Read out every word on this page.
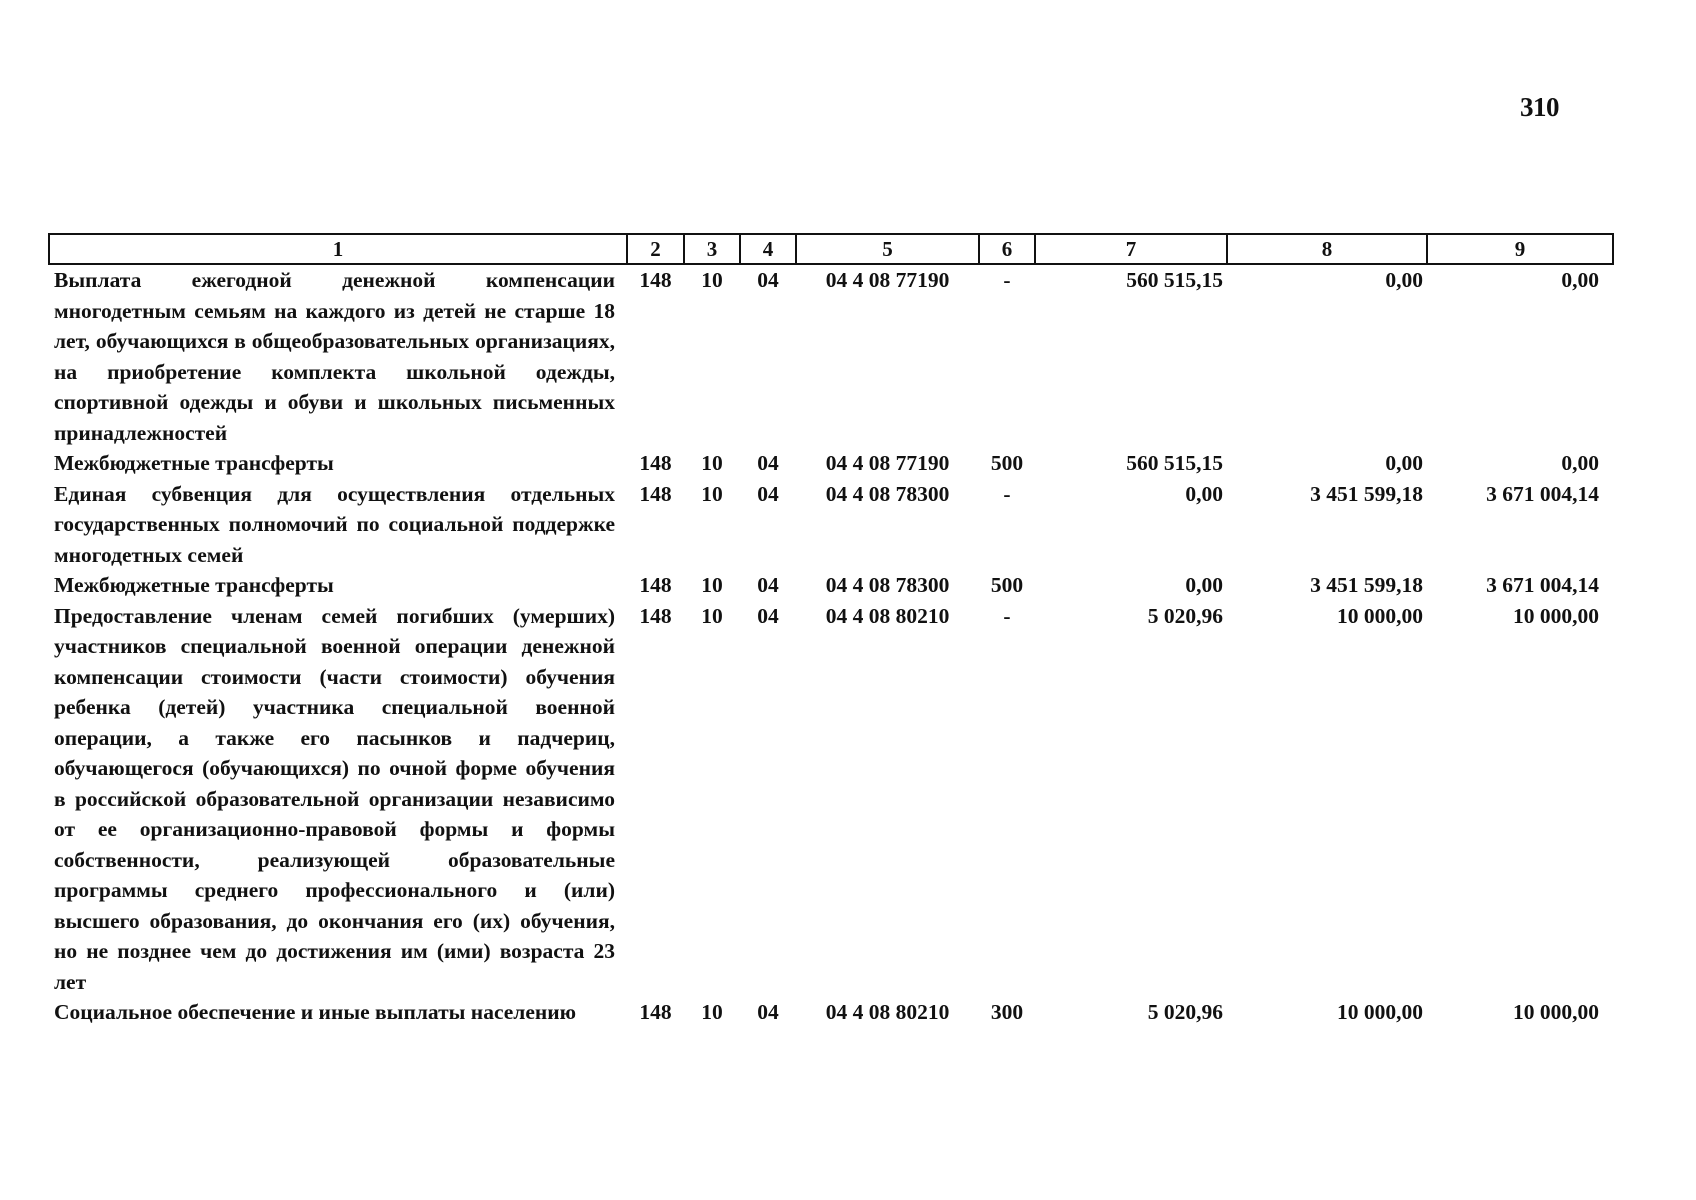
310
1	2	3	4	5	6	7	8	9
Выплата ежегодной денежной компенсации многодетным семьям на каждого из детей не старше 18 лет, обучающихся в общеобразовательных организациях, на приобретение комплекта школьной одежды, спортивной одежды и обуви и школьных письменных принадлежностей	148	10	04	04 4 08 77190	-	560 515,15	0,00	0,00
Межбюджетные трансферты	148	10	04	04 4 08 77190	500	560 515,15	0,00	0,00
Единая субвенция для осуществления отдельных государственных полномочий по социальной поддержке многодетных семей	148	10	04	04 4 08 78300	-	0,00	3 451 599,18	3 671 004,14
Межбюджетные трансферты	148	10	04	04 4 08 78300	500	0,00	3 451 599,18	3 671 004,14
Предоставление членам семей погибших (умерших) участников специальной военной операции денежной компенсации стоимости (части стоимости) обучения ребенка (детей) участника специальной военной операции, а также его пасынков и падчериц, обучающегося (обучающихся) по очной форме обучения в российской образовательной организации независимо от ее организационно-правовой формы и формы собственности, реализующей образовательные программы среднего профессионального и (или) высшего образования, до окончания его (их) обучения, но не позднее чем до достижения им (ими) возраста 23 лет	148	10	04	04 4 08 80210	-	5 020,96	10 000,00	10 000,00
Социальное обеспечение и иные выплаты населению	148	10	04	04 4 08 80210	300	5 020,96	10 000,00	10 000,00
